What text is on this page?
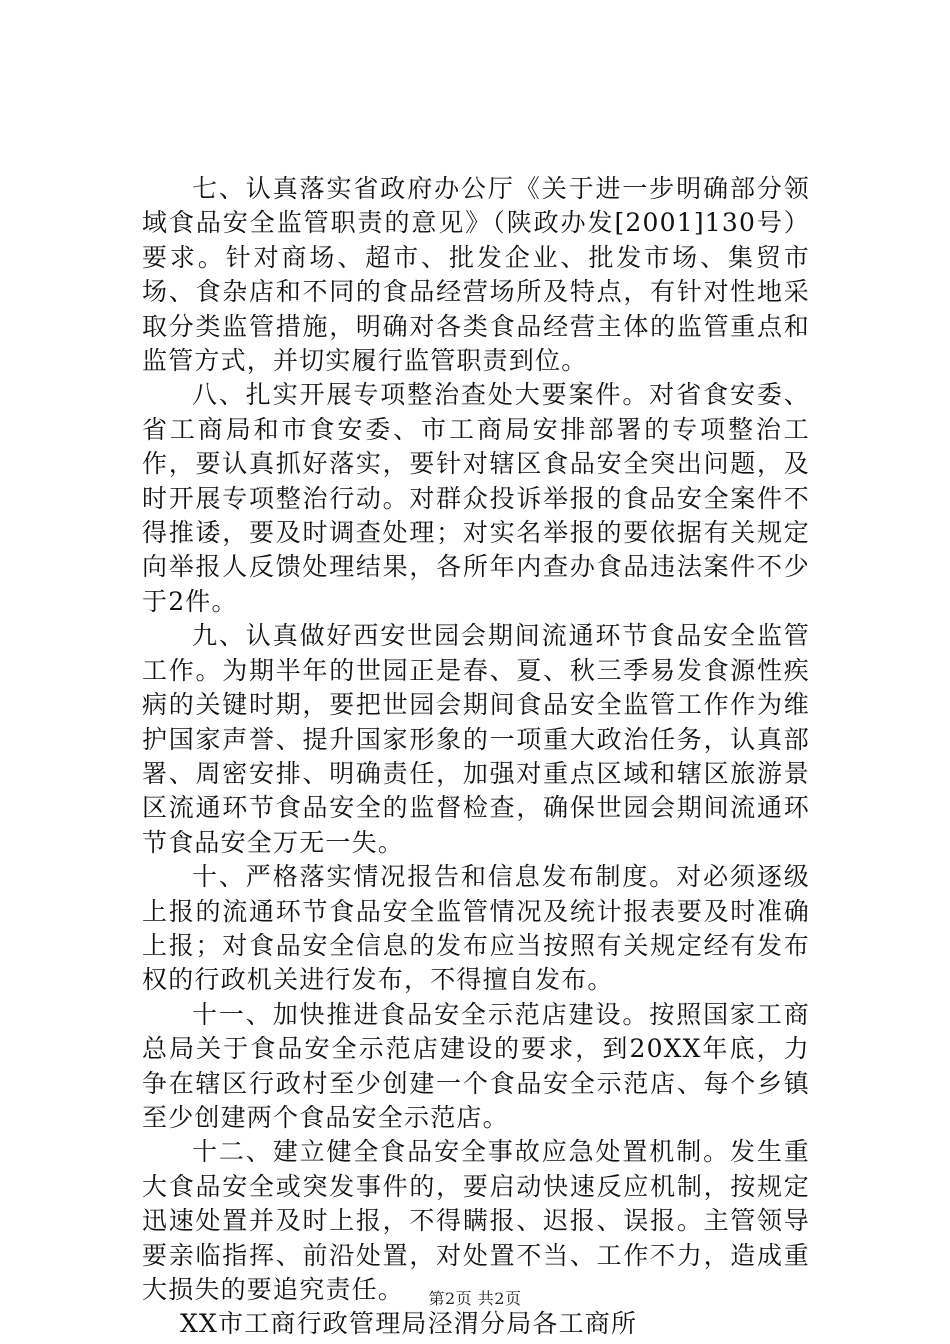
七、认真落实省政府办公厅《关于进一步明确部分领域食品安全监管职责的意见》（陕政办发[2001]130号）要求。针对商场、超市、批发企业、批发市场、集贸市场、食杂店和不同的食品经营场所及特点，有针对性地采取分类监管措施，明确对各类食品经营主体的监管重点和监管方式，并切实履行监管职责到位。

八、扎实开展专项整治查处大要案件。对省食安委、省工商局和市食安委、市工商局安排部署的专项整治工作，要认真抓好落实，要针对辖区食品安全突出问题，及时开展专项整治行动。对群众投诉举报的食品安全案件不得推诿，要及时调查处理；对实名举报的要依据有关规定向举报人反馈处理结果，各所年内查办食品违法案件不少于2件。

九、认真做好西安世园会期间流通环节食品安全监管工作。为期半年的世园正是春、夏、秋三季易发食源性疾病的关键时期，要把世园会期间食品安全监管工作作为维护国家声誉、提升国家形象的一项重大政治任务，认真部署、周密安排、明确责任，加强对重点区域和辖区旅游景区流通环节食品安全的监督检查，确保世园会期间流通环节食品安全万无一失。

十、严格落实情况报告和信息发布制度。对必须逐级上报的流通环节食品安全监管情况及统计报表要及时准确上报；对食品安全信息的发布应当按照有关规定经有发布权的行政机关进行发布，不得擅自发布。

十一、加快推进食品安全示范店建设。按照国家工商总局关于食品安全示范店建设的要求，到20XX年底，力争在辖区行政村至少创建一个食品安全示范店、每个乡镇至少创建两个食品安全示范店。

十二、建立健全食品安全事故应急处置机制。发生重大食品安全或突发事件的，要启动快速反应机制，按规定迅速处置并及时上报，不得瞒报、迟报、误报。主管领导要亲临指挥、前沿处置，对处置不当、工作不力，造成重大损失的要追究责任。

XX市工商行政管理局泾渭分局各工商所

第2页 共2页
